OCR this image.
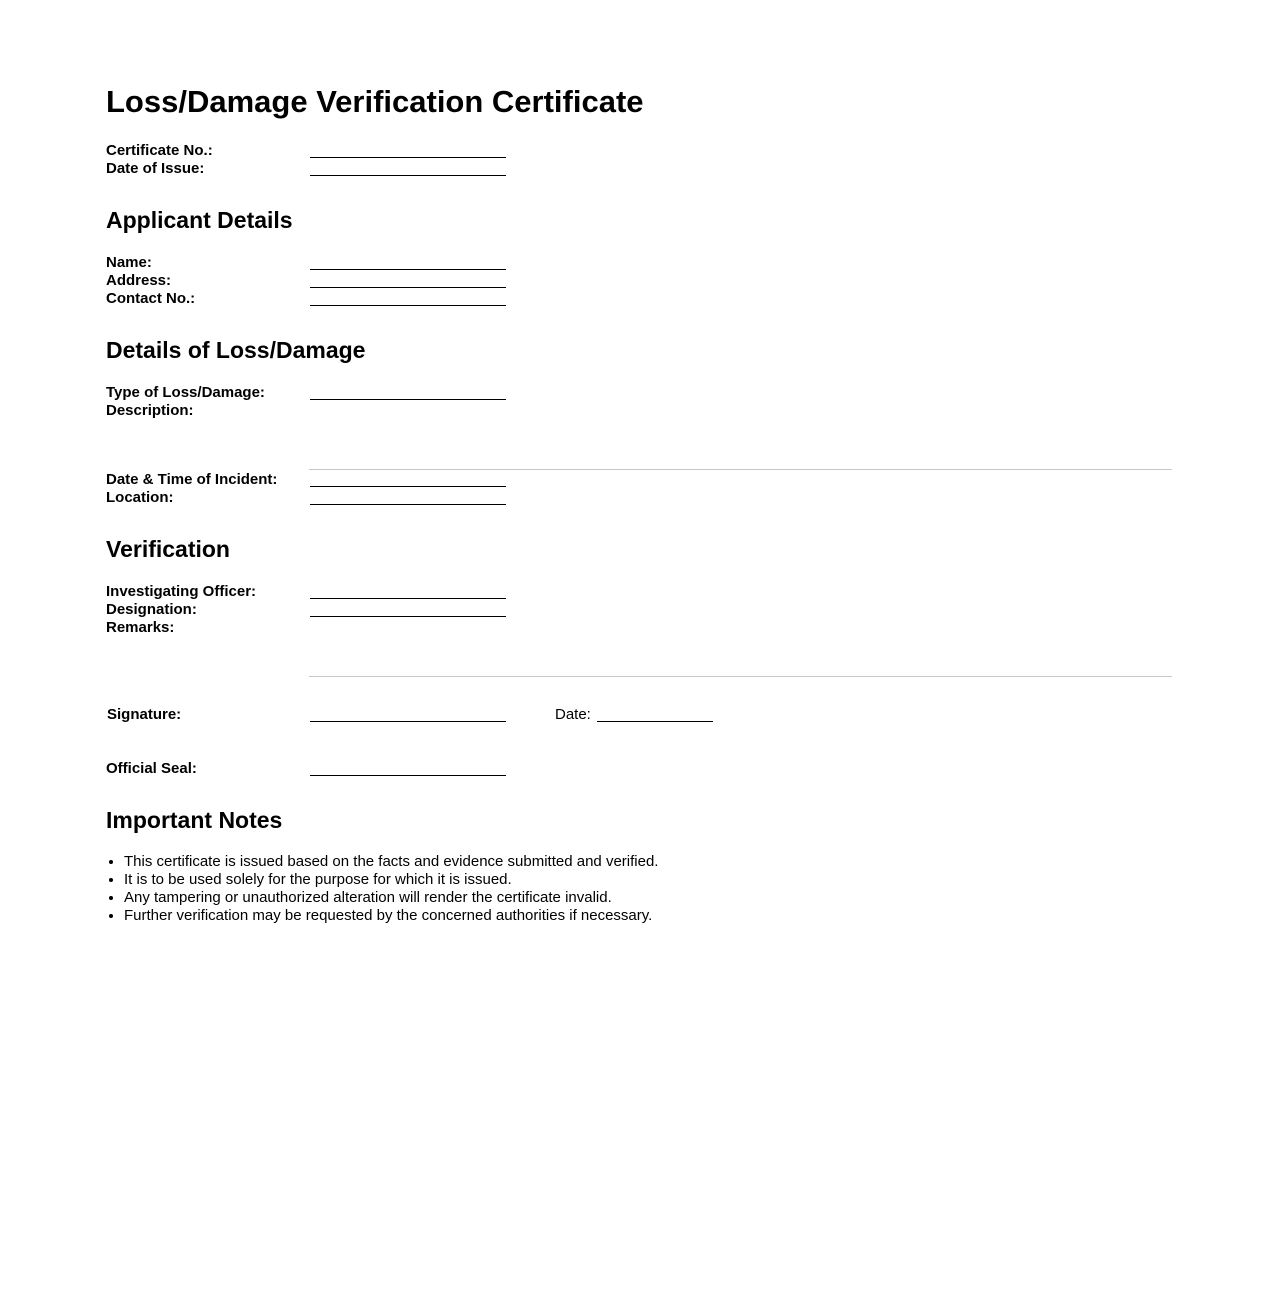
Loss/Damage Verification Certificate
Certificate No.:
Date of Issue:
Applicant Details
Name:
Address:
Contact No.:
Details of Loss/Damage
Type of Loss/Damage:
Description:
Date & Time of Incident:
Location:
Verification
Investigating Officer:
Designation:
Remarks:
Signature:	Date:
Official Seal:
Important Notes
• This certificate is issued based on the facts and evidence submitted and verified.
• It is to be used solely for the purpose for which it is issued.
• Any tampering or unauthorized alteration will render the certificate invalid.
• Further verification may be requested by the concerned authorities if necessary.
